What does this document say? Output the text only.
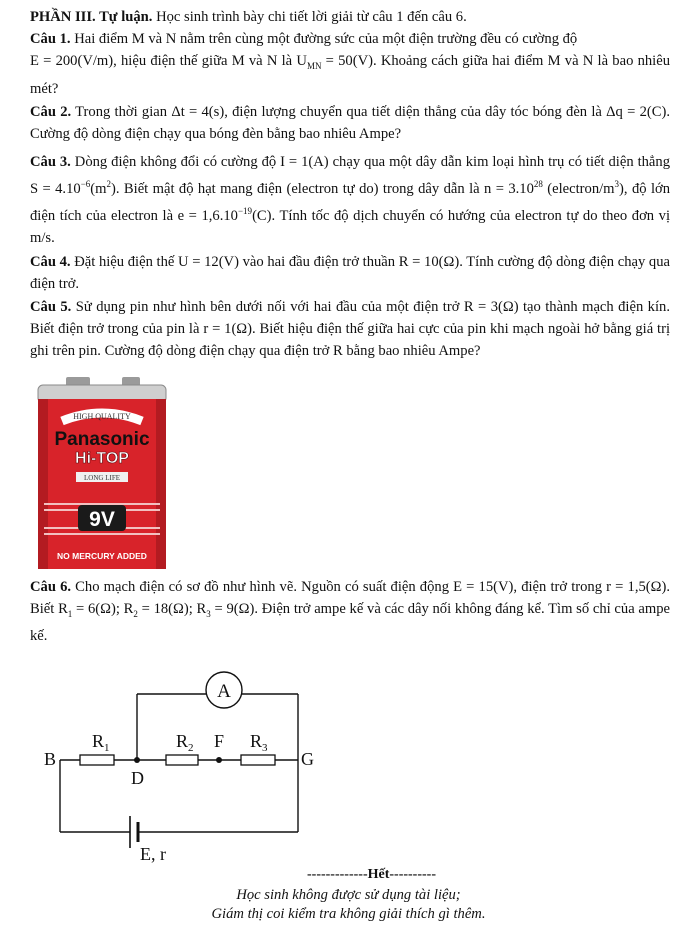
PHẦN III. Tự luận. Học sinh trình bày chi tiết lời giải từ câu 1 đến câu 6.

Câu 1. Hai điểm M và N nằm trên cùng một đường sức của một điện trường đều có cường độ
E = 200(V/m), hiệu điện thế giữa M và N là $U_{MN} = 50(V)$. Khoảng cách giữa hai điểm M và N là bao nhiêu mét?

Câu 2. Trong thời gian Δt = 4(s), điện lượng chuyển qua tiết diện thẳng của dây tóc bóng đèn là Δq = 2(C). Cường độ dòng điện chạy qua bóng đèn bằng bao nhiêu Ampe?

Câu 3. Dòng điện không đổi có cường độ I = 1(A) chạy qua một dây dẫn kim loại hình trụ có tiết diện thẳng $S = 4.10^{-6}(m^2)$. Biết mật độ hạt mang điện (electron tự do) trong dây dẫn là $n = 3.10^{28}$ $(electron/m^3)$, độ lớn điện tích của electron là $e = 1,6.10^{-19}(C)$. Tính tốc độ dịch chuyển có hướng của electron tự do theo đơn vị m/s.

Câu 4. Đặt hiệu điện thế U = 12(V) vào hai đầu điện trở thuần R = 10(Ω). Tính cường độ dòng điện chạy qua điện trở.

Câu 5. Sử dụng pin như hình bên dưới nối với hai đầu của một điện trở R = 3(Ω) tạo thành mạch điện kín. Biết điện trở trong của pin là r = 1(Ω). Biết hiệu điện thế giữa hai cực của pin khi mạch ngoài hở bằng giá trị ghi trên pin. Cường độ dòng điện chạy qua điện trở R bằng bao nhiêu Ampe?

Câu 6. Cho mạch điện có sơ đồ như hình vẽ. Nguồn có suất điện động E = 15(V), điện trở trong r = 1,5(Ω). Biết $R_1 = 6(\Omega)$; $R_2 = 18(\Omega)$; $R_3 = 9(\Omega)$. Điện trở ampe kế và các dây nối không đáng kể. Tìm số chỉ của ampe kế.

HIGH QUALITY
Panasonic
Hi-TOP
LONG LIFE
9V
NO MERCURY ADDED
A
$R_1$	$R_2$	$R_3$
B
D
F
G
E, r

-------------Hết----------

Học sinh không được sử dụng tài liệu;

Giám thị coi kiểm tra không giải thích gì thêm.
